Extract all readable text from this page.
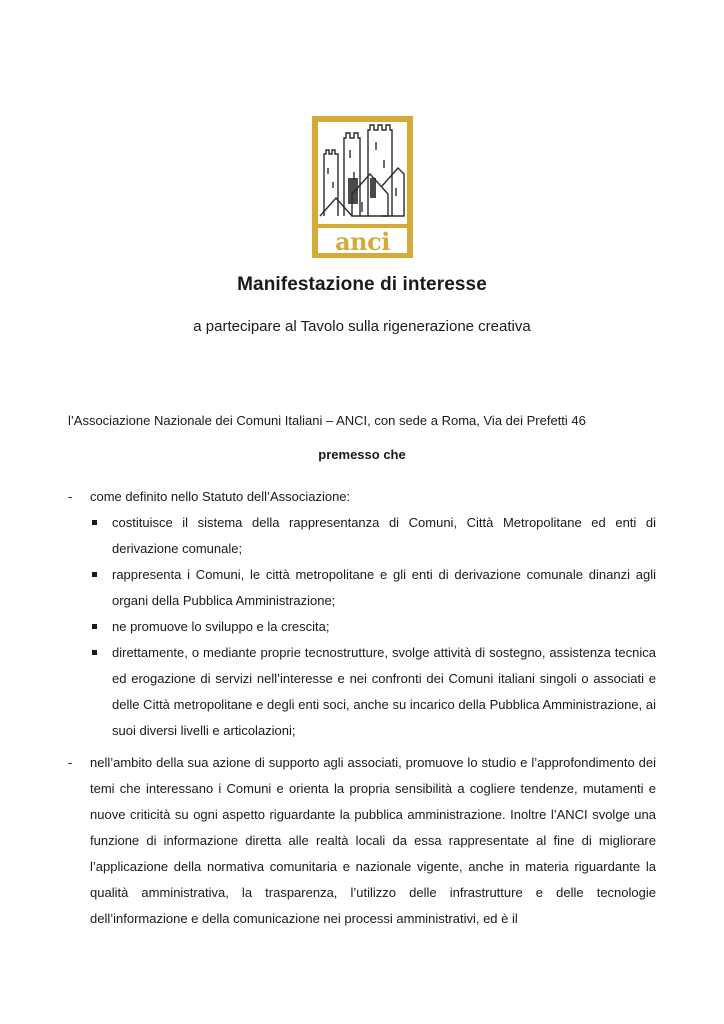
anci
Manifestazione di interesse
a partecipare al Tavolo sulla rigenerazione creativa
l’Associazione Nazionale dei Comuni Italiani – ANCI, con sede a Roma, Via dei Prefetti 46
premesso che
- come definito nello Statuto dell’Associazione:
costituisce il sistema della rappresentanza di Comuni, Città Metropolitane ed enti di derivazione comunale;
rappresenta i Comuni, le città metropolitane e gli enti di derivazione comunale dinanzi agli organi della Pubblica Amministrazione;
ne promuove lo sviluppo e la crescita;
direttamente, o mediante proprie tecnostrutture, svolge attività di sostegno, assistenza tecnica ed erogazione di servizi nell’interesse e nei confronti dei Comuni italiani singoli o associati e delle Città metropolitane e degli enti soci, anche su incarico della Pubblica Amministrazione, ai suoi diversi livelli e articolazioni;
- nell’ambito della sua azione di supporto agli associati, promuove lo studio e l’approfondimento dei temi che interessano i Comuni e orienta la propria sensibilità a cogliere tendenze, mutamenti e nuove criticità su ogni aspetto riguardante la pubblica amministrazione. Inoltre l’ANCI svolge una funzione di informazione diretta alle realtà locali da essa rappresentate al fine di migliorare l’applicazione della normativa comunitaria e nazionale vigente, anche in materia riguardante la qualità amministrativa, la trasparenza, l’utilizzo delle infrastrutture e delle tecnologie dell’informazione e della comunicazione nei processi amministrativi, ed è il
